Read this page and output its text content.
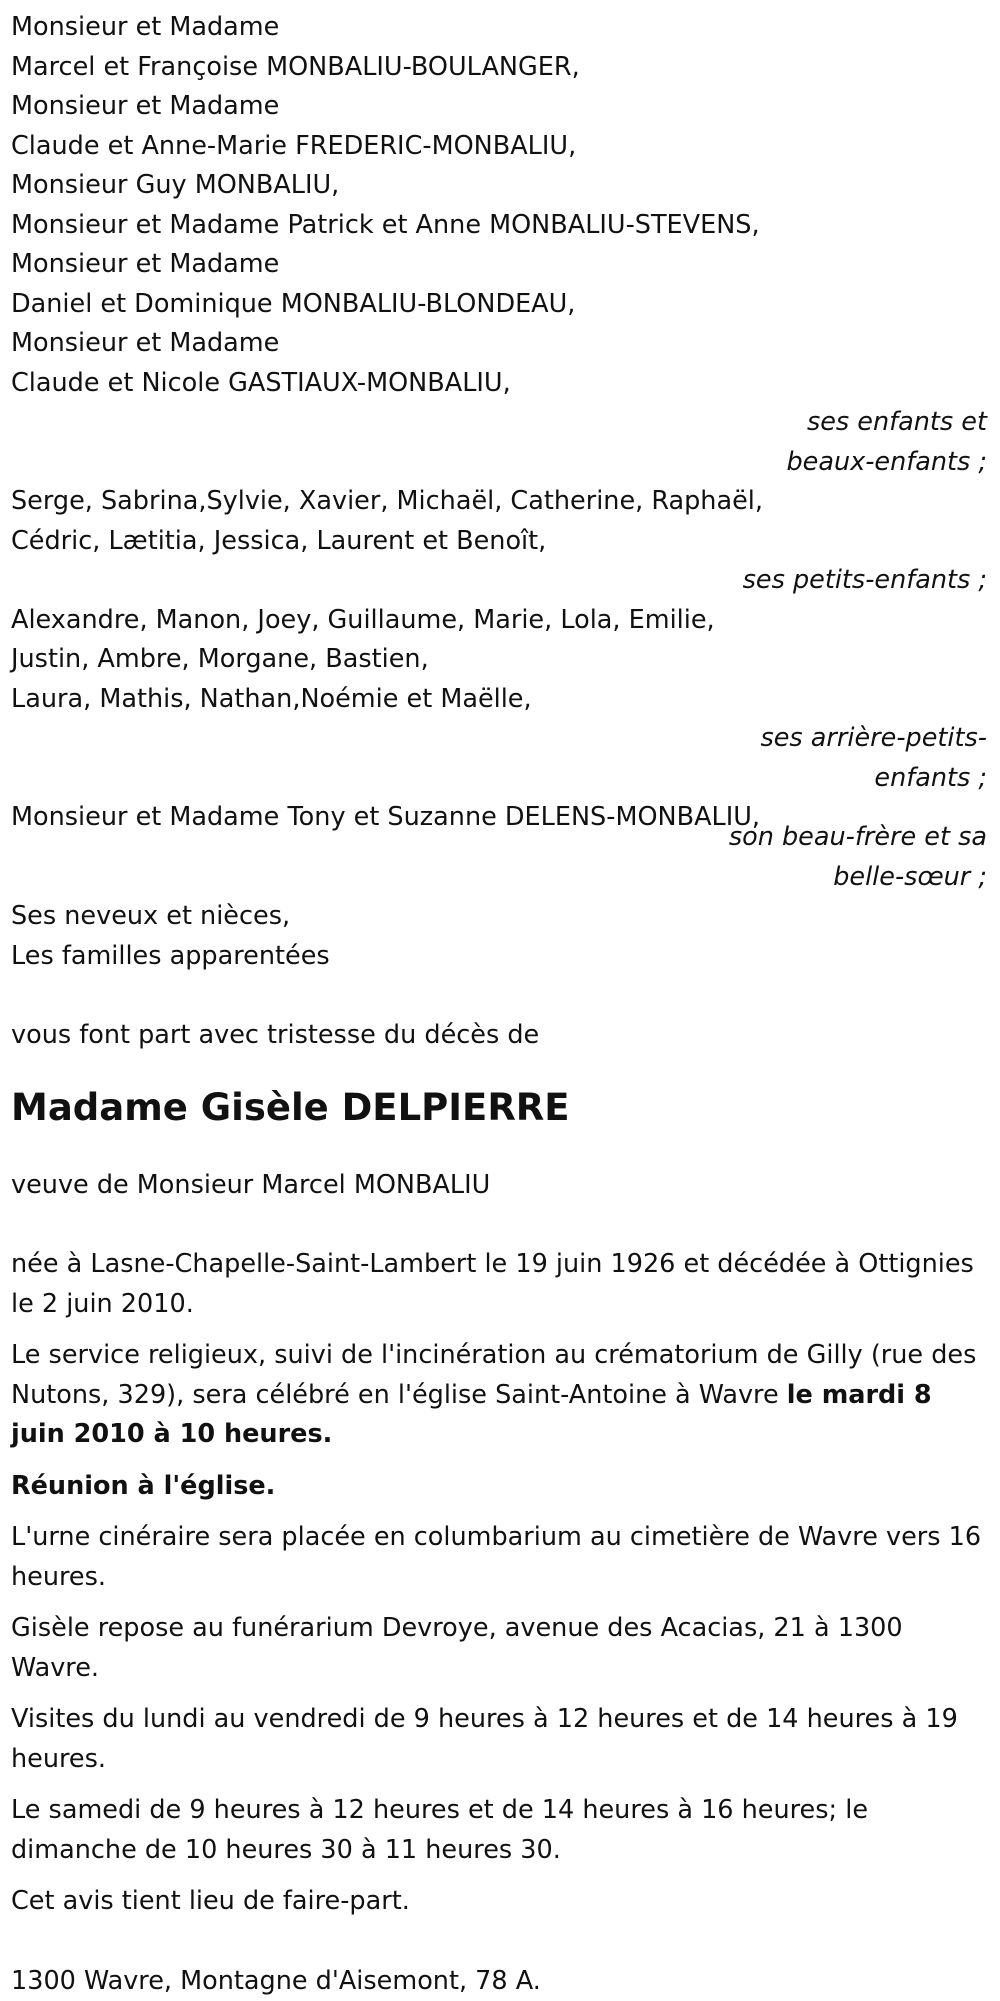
Monsieur et Madame
Marcel et Françoise MONBALIU-BOULANGER,
Monsieur et Madame
Claude et Anne-Marie FREDERIC-MONBALIU,
Monsieur Guy MONBALIU,
Monsieur et Madame Patrick et Anne MONBALIU-STEVENS,
Monsieur et Madame
Daniel et Dominique MONBALIU-BLONDEAU,
Monsieur et Madame
Claude et Nicole GASTIAUX-MONBALIU,
ses enfants et
beaux-enfants ;
Serge, Sabrina,Sylvie, Xavier, Michaël, Catherine, Raphaël,
Cédric, Lætitia, Jessica, Laurent et Benoît,
ses petits-enfants ;
Alexandre, Manon, Joey, Guillaume, Marie, Lola, Emilie,
Justin, Ambre, Morgane, Bastien,
Laura, Mathis, Nathan,Noémie et Maëlle,
ses arrière-petits-
enfants ;
Monsieur et Madame Tony et Suzanne DELENS-MONBALIU,
son beau-frère et sa
belle-sœur ;
Ses neveux et nièces,
Les familles apparentées
vous font part avec tristesse du décès de
Madame Gisèle DELPIERRE
veuve de Monsieur Marcel MONBALIU

née à Lasne-Chapelle-Saint-Lambert le 19 juin 1926 et décédée à Ottignies le 2 juin 2010.

Le service religieux, suivi de l'incinération au crématorium de Gilly (rue des Nutons, 329), sera célébré en l'église Saint-Antoine à Wavre le mardi 8 juin 2010 à 10 heures.

Réunion à l'église.

L'urne cinéraire sera placée en columbarium au cimetière de Wavre vers 16 heures.

Gisèle repose au funérarium Devroye, avenue des Acacias, 21 à 1300 Wavre.

Visites du lundi au vendredi de 9 heures à 12 heures et de 14 heures à 19 heures.

Le samedi de 9 heures à 12 heures et de 14 heures à 16 heures; le dimanche de 10 heures 30 à 11 heures 30.

Cet avis tient lieu de faire-part.

1300 Wavre, Montagne d'Aisemont, 78 A.
